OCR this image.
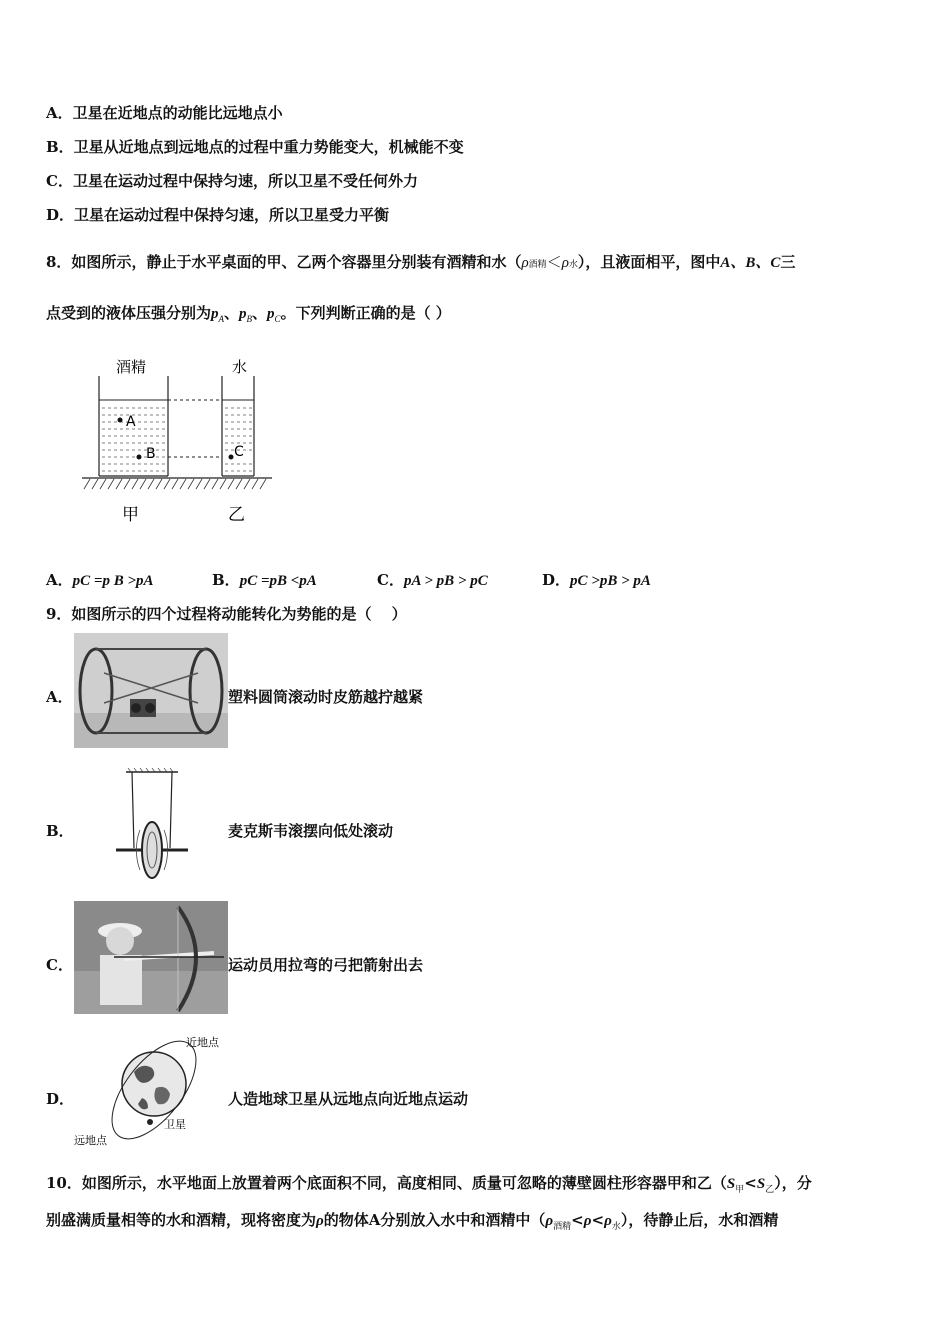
A．卫星在近地点的动能比远地点小
B．卫星从近地点到远地点的过程中重力势能变大，机械能不变
C．卫星在运动过程中保持匀速，所以卫星不受任何外力
D．卫星在运动过程中保持匀速，所以卫星受力平衡
8．如图所示，静止于水平桌面的甲、乙两个容器里分别装有酒精和水（ρ酒精＜ρ水），且液面相平，图中A、B、C三
点受到的液体压强分别为$p_A$、$p_B$、$p_C$。下列判断正确的是（ ）
酒精	水
A
B	C
甲	乙
A．pC =p B >pA	B．pC =pB <pA	C．pA > pB > pC	D．pC >pB > pA
9．如图所示的四个过程将动能转化为势能的是（　 ）
A．	塑料圆筒滚动时皮筋越拧越紧
B．	麦克斯韦滚摆向低处滚动
C．	运动员用拉弯的弓把箭射出去
D．
近地点
远地点
卫星
人造地球卫星从远地点向近地点运动
10．如图所示，水平地面上放置着两个底面积不同，高度相同、质量可忽略的薄壁圆柱形容器甲和乙$(S_甲<S_乙)$，分
别盛满质量相等的水和酒精，现将密度为ρ的物体A分别放入水中和酒精中$(\rho_{酒精}<\rho<\rho_水)$，待静止后，水和酒精
